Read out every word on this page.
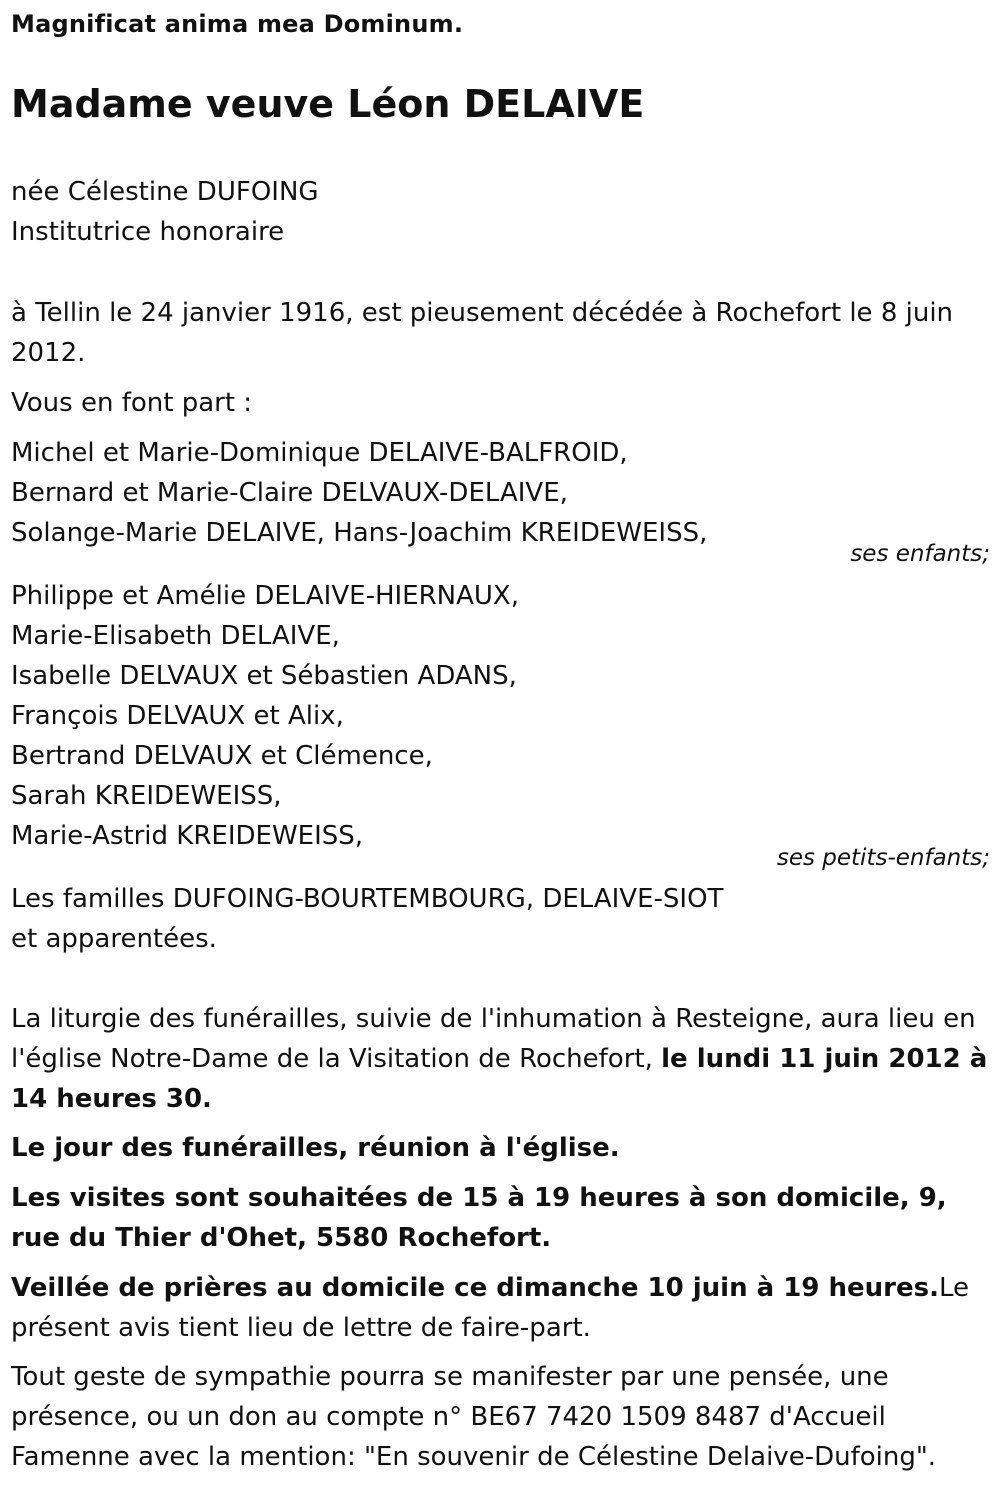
Magnificat anima mea Dominum.
Madame veuve Léon DELAIVE
née Célestine DUFOING
Institutrice honoraire
à Tellin le 24 janvier 1916, est pieusement décédée à Rochefort le 8 juin 2012.
Vous en font part :
Michel et Marie-Dominique DELAIVE-BALFROID,
Bernard et Marie-Claire DELVAUX-DELAIVE,
Solange-Marie DELAIVE, Hans-Joachim KREIDEWEISS,
ses enfants;
Philippe et Amélie DELAIVE-HIERNAUX,
Marie-Elisabeth DELAIVE,
Isabelle DELVAUX et Sébastien ADANS,
François DELVAUX et Alix,
Bertrand DELVAUX et Clémence,
Sarah KREIDEWEISS,
Marie-Astrid KREIDEWEISS,
ses petits-enfants;
Les familles DUFOING-BOURTEMBOURG, DELAIVE-SIOT
et apparentées.
La liturgie des funérailles, suivie de l'inhumation à Resteigne, aura lieu en l'église Notre-Dame de la Visitation de Rochefort, le lundi 11 juin 2012 à 14 heures 30.
Le jour des funérailles, réunion à l'église.
Les visites sont souhaitées de 15 à 19 heures à son domicile, 9, rue du Thier d'Ohet, 5580 Rochefort.
Veillée de prières au domicile ce dimanche 10 juin à 19 heures.Le présent avis tient lieu de lettre de faire-part.
Tout geste de sympathie pourra se manifester par une pensée, une présence, ou un don au compte n° BE67 7420 1509 8487 d'Accueil Famenne avec la mention: "En souvenir de Célestine Delaive-Dufoing".
